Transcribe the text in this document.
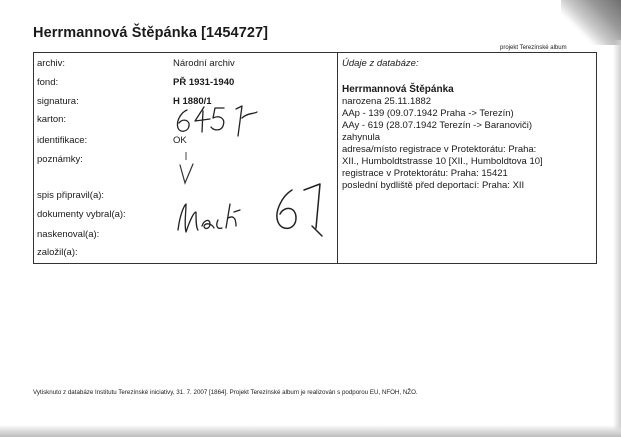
Herrmannová Štěpánka [1454727]
projekt Terezínské album
archiv:
fond:
signatura:
karton:
identifikace:
poznámky:
spis připravil(a):
dokumenty vybral(a):
naskenoval(a):
založil(a):
Národní archiv
PŘ 1931-1940
H 1880/1
OK
Údaje z databáze:
Herrmannová Štěpánka
narozena 25.11.1882
AAp - 139 (09.07.1942 Praha -> Terezín)
AAy - 619 (28.07.1942 Terezín -> Baranoviči)
zahynula
adresa/místo registrace v Protektorátu: Praha:
XII., Humboldtstrasse 10 [XII., Humboldtova 10]
registrace v Protektorátu: Praha: 15421
poslední bydliště před deportací: Praha: XII
Vytisknuto z databáze Institutu Terezínské iniciativy, 31. 7. 2007 [1864]. Projekt Terezínské album je realizován s podporou EU, NFOH, NŽO.
